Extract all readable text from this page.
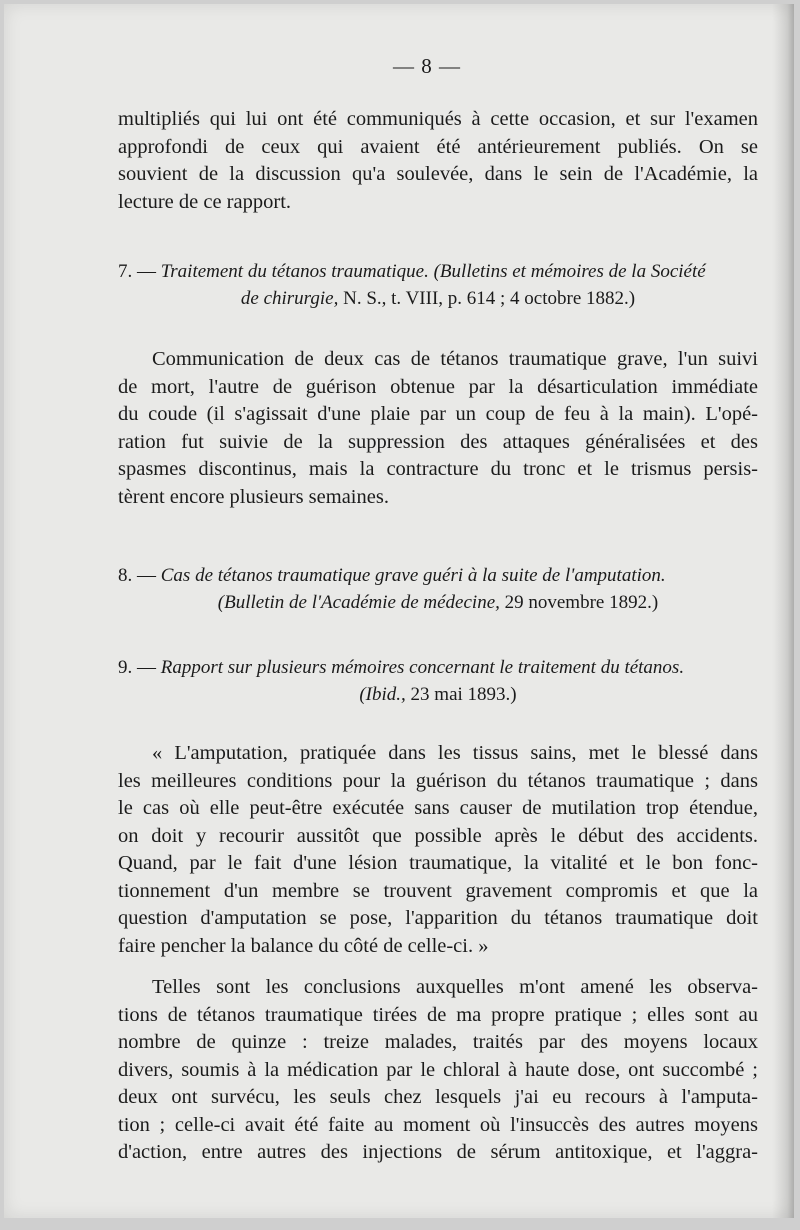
— 8 —

multipliés qui lui ont été communiqués à cette occasion, et sur l'examen
approfondi de ceux qui avaient été antérieurement publiés. On se
souvient de la discussion qu'a soulevée, dans le sein de l'Académie, la

lecture de ce rapport.

7. — Traitement du tétanos traumatique. (Bulletins et mémoires de la Société
de chirurgie, N. S., t. VIII, p. 614 ; 4 octobre 1882.)

Communication de deux cas de tétanos traumatique grave, l'un suivi

de mort, l'autre de guérison obtenue par la désarticulation immédiate
du coude (il s'agissait d'une plaie par un coup de feu à la main). L'opé-
ration fut suivie de la suppression des attaques généralisées et des
spasmes discontinus, mais la contracture du tronc et le trismus persis-

tèrent encore plusieurs semaines.

8. — Cas de tétanos traumatique grave guéri à la suite de l'amputation.
(Bulletin de l'Académie de médecine, 29 novembre 1892.)
9. — Rapport sur plusieurs mémoires concernant le traitement du tétanos.
(Ibid., 23 mai 1893.)

« L'amputation, pratiquée dans les tissus sains, met le blessé dans

les meilleures conditions pour la guérison du tétanos traumatique ; dans
le cas où elle peut-être exécutée sans causer de mutilation trop étendue,
on doit y recourir aussitôt que possible après le début des accidents.
Quand, par le fait d'une lésion traumatique, la vitalité et le bon fonc-
tionnement d'un membre se trouvent gravement compromis et que la
question d'amputation se pose, l'apparition du tétanos traumatique doit

faire pencher la balance du côté de celle-ci. »

Telles sont les conclusions auxquelles m'ont amené les observa-

tions de tétanos traumatique tirées de ma propre pratique ; elles sont au
nombre de quinze : treize malades, traités par des moyens locaux
divers, soumis à la médication par le chloral à haute dose, ont succombé ;
deux ont survécu, les seuls chez lesquels j'ai eu recours à l'amputa-
tion ; celle-ci avait été faite au moment où l'insuccès des autres moyens
d'action, entre autres des injections de sérum antitoxique, et l'aggra-
